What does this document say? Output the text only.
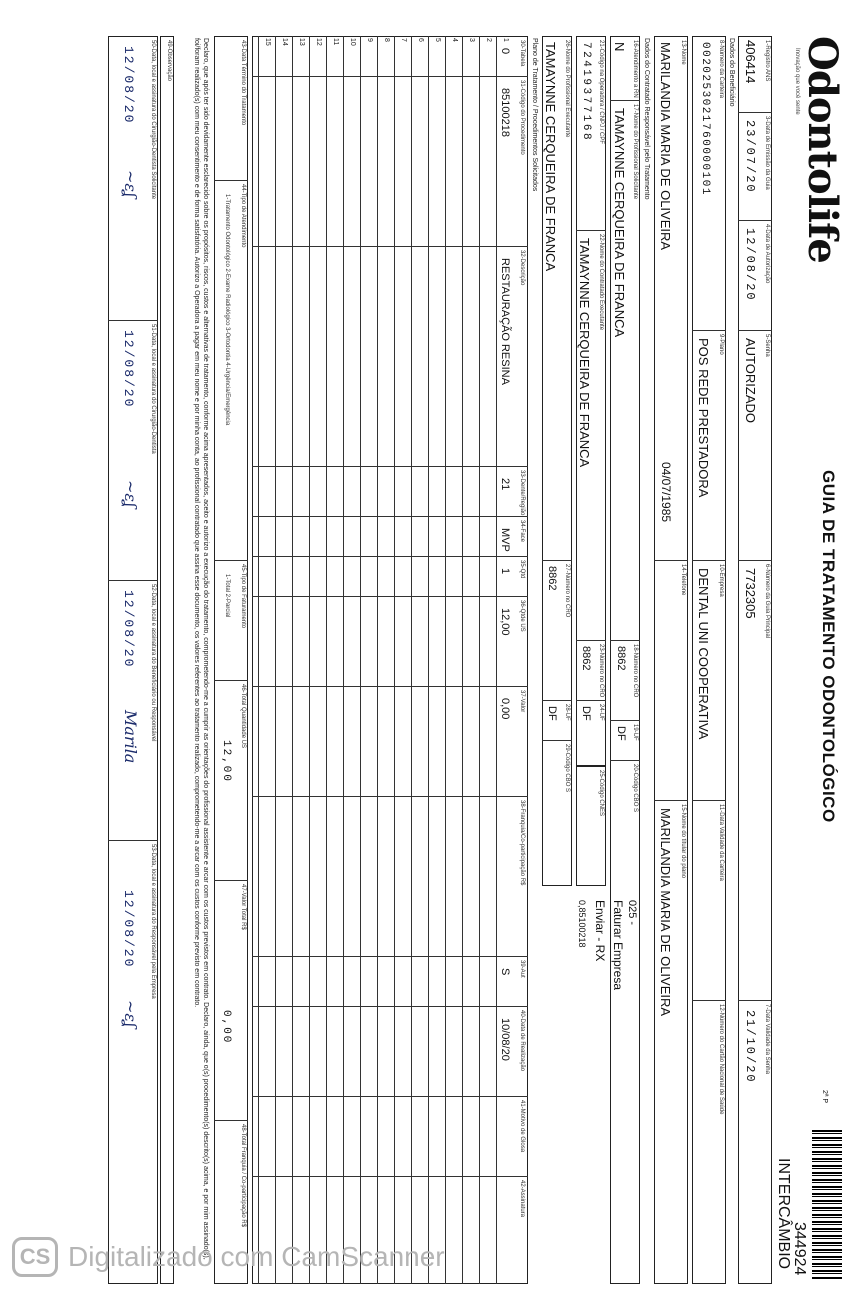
Odontolife
Inovação que você sente
GUIA DE TRATAMENTO ODONTOLÓGICO
2ª P
344924
INTERCÂMBIO
1-Registro ANS
406414
3-Data de Emissão da Guia
23/07/20
4-Data de Autorização
12/08/20
5-Senha
AUTORIZADO
6-Número da Guia Principal
7732305
7-Data Validade da Senha
21/10/20
Dados do Beneficiário
8-Número da Carteira
0020253021760000101
9-Plano
POS REDE PRESTADORA
10-Empresa
DENTAL UNI COOPERATIVA
11-Data Validade da Carteira
12-Número do Cartão Nacional de Saúde
13-Nome
MARILANDIA MARIA DE OLIVEIRA
04/07/1985
14-Telefone
15-Nome do titular do plano
MARILANDIA MARIA DE OLIVEIRA
Dados do Contratado Responsável pelo Tratamento
16-Atendimento a RN
N
17-Nome do Profissional Solicitante
TAMAYNNE CERQUEIRA DE FRANCA
18-Número no CRO
8862
19-UF
DF
20-Código CBO S
21-Código na Operadora / CNPJ / CPF
72419377168
22-Nome do Contratado Executante
TAMAYNNE CERQUEIRA DE FRANCA
23-Número no CRO
8862
24-UF
DF
25-Código CNES
26-Nome do Profissional Executante
TAMAYNNE CERQUEIRA DE FRANCA
27-Número no CRO
8862
28-UF
DF
29-Código CBO S
025 -
Faturar Empresa
Enviar - RX
0,85100218
Plano de Tratamento / Procedimentos Solicitados
30-Tabela
31-Código do Procedimento
32-Descrição
33-Dente/Região
34-Face
35-Qtd
36-Qtde US
37-Valor
38-Franquia/Co-participação R$
39-Aut
40-Data de Realização
41-Motivo de Glosa
42-Assinatura
1
0
85100218
RESTAURAÇÃO RESINA
21
MVP
1
12,00
0,00
S
10/08/20
2
3
4
5
6
7
8
9
10
11
12
13
14
15
43-Data Término do Tratamento
44-Tipo de Atendimento
1-Tratamento Odontológico 2-Exame Radiológico 3-Ortodontia 4-Urgência/Emergência
45-Tipo de Faturamento
1-Total 2-Parcial
46-Total Quantidade US
12,00
47-Valor Total R$
0,00
48-Total Franquia / Co-participação R$
Declaro, que após ter sido devidamente esclarecido sobre os propósitos, riscos, custos e alternativas de tratamento, conforme acima apresentados, aceito e autorizo a execução do tratamento, comprometendo-me a cumprir as orientações do profissional assistente e arcar com os custos previstos em contrato. Declaro, ainda, que o(s) procedimento(s) descrito(s) acima, e por mim assinado(s), foi/foram realizado(s) com meu consentimento e de forma satisfatória. Autorizo a Operadora a pagar em meu nome e por minha conta, ao profissional contratado que assina esse documento, os valores referentes ao tratamento realizado, comprometendo-me a arcar com os custos conforme previsto em contrato.
49-Observação
50-Data, local e assinatura do Cirurgião-Dentista Solicitante
12/08/20
~ɛʆ
51-Data, local e assinatura do Cirurgião-Dentista
12/08/20
~ɛʆ
52-Data, local e assinatura do Beneficiário ou Responsável
12/08/20
Marila
53-Data, local e assinatura do Responsável pela Empresa
12/08/20
~ɛʆ
CS Digitalizado com CamScanner
